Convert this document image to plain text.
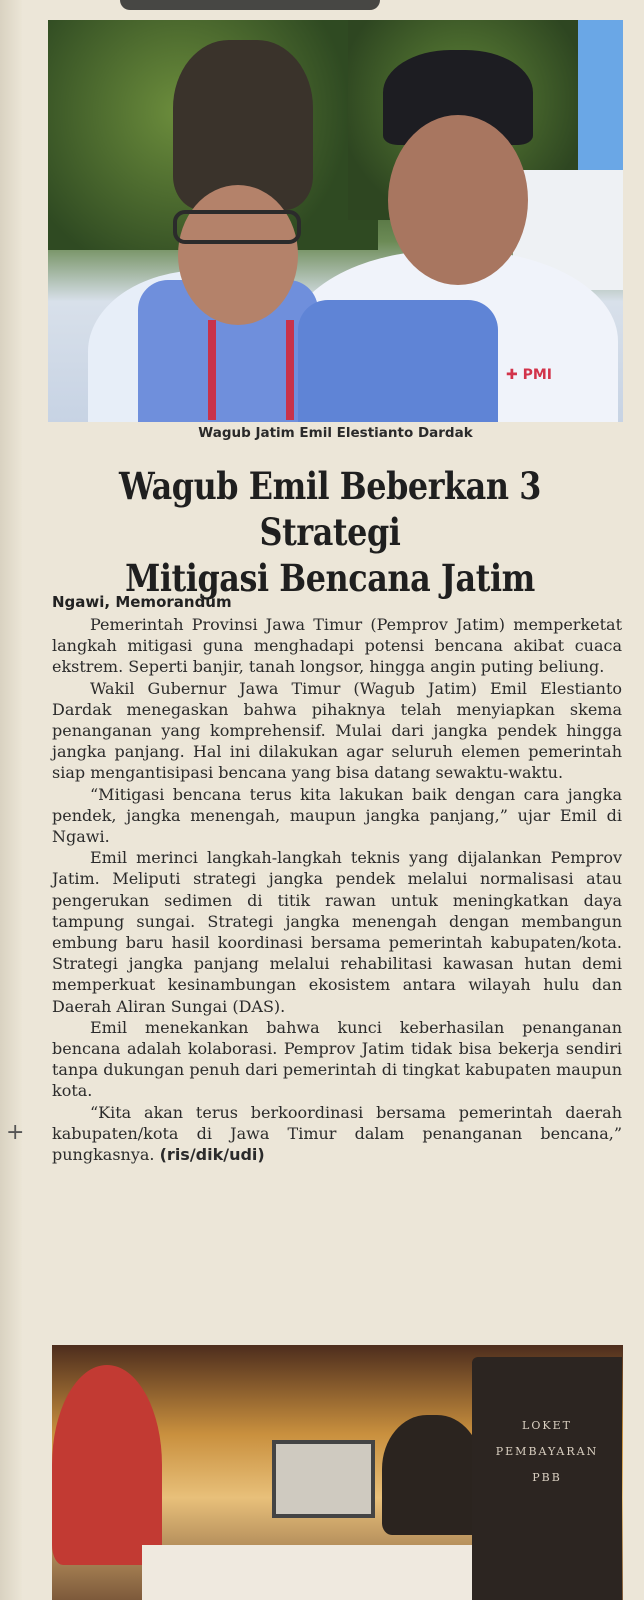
✚ PMI
Wagub Jatim Emil Elestianto Dardak
Wagub Emil Beberkan 3 Strategi
Mitigasi Bencana Jatim
Ngawi, Memorandum

Pemerintah Provinsi Jawa Timur (Pemprov Jatim) memperketat langkah mitigasi guna menghadapi potensi bencana akibat cuaca ekstrem. Seperti banjir, tanah longsor, hingga angin puting beliung.

Wakil Gubernur Jawa Timur (Wagub Jatim) Emil Elestianto Dardak menegaskan bahwa pihaknya telah menyiapkan skema penanganan yang komprehensif. Mulai dari jangka pendek hingga jangka panjang. Hal ini dilakukan agar seluruh elemen pemerintah siap mengantisipasi bencana yang bisa datang sewaktu-waktu.

“Mitigasi bencana terus kita lakukan baik dengan cara jangka pendek, jangka menengah, maupun jangka panjang,” ujar Emil di Ngawi.

Emil merinci langkah-langkah teknis yang dijalankan Pemprov Jatim. Meliputi strategi jangka pendek melalui normalisasi atau pengerukan sedimen di titik rawan untuk meningkatkan daya tampung sungai. Strategi jangka menengah dengan membangun embung baru hasil koordinasi bersama pemerintah kabupaten/kota. Strategi jangka panjang melalui rehabilitasi kawasan hutan demi memperkuat kesinambungan ekosistem antara wilayah hulu dan Daerah Aliran Sungai (DAS).

Emil menekankan bahwa kunci keberhasilan penanganan bencana adalah kolaborasi. Pemprov Jatim tidak bisa bekerja sendiri tanpa dukungan penuh dari pemerintah di tingkat kabupaten maupun kota.

“Kita akan terus berkoordinasi bersama pemerintah daerah kabupaten/kota di Jawa Timur dalam penanganan bencana,” pungkasnya. (ris/dik/udi)

+
LOKET
PEMBAYARAN
PBB
